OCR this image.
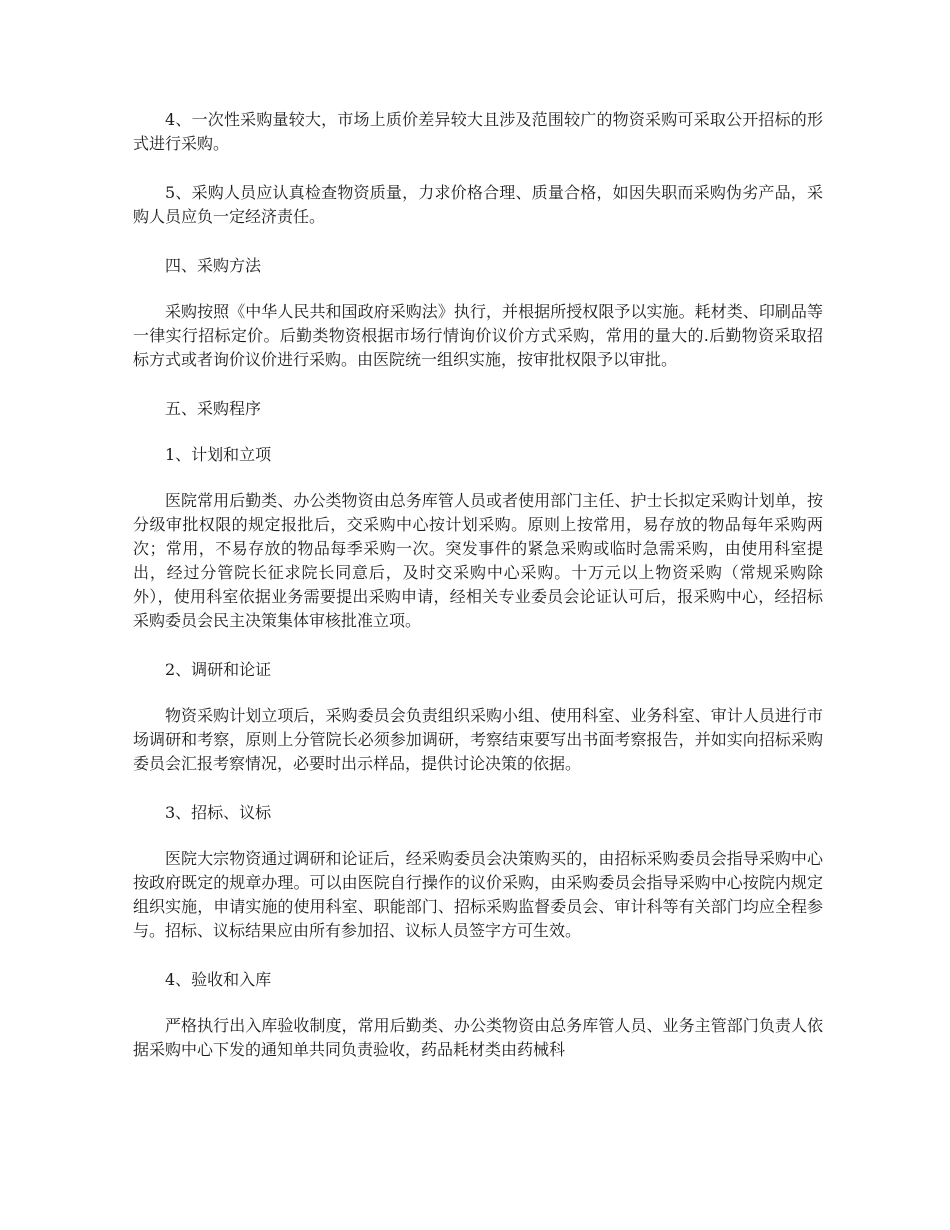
4、一次性采购量较大，市场上质价差异较大且涉及范围较广的物资采购可采取公开招标的形式进行采购。

5、采购人员应认真检查物资质量，力求价格合理、质量合格，如因失职而采购伪劣产品，采购人员应负一定经济责任。

四、采购方法

采购按照《中华人民共和国政府采购法》执行，并根据所授权限予以实施。耗材类、印刷品等一律实行招标定价。后勤类物资根据市场行情询价议价方式采购，常用的量大的.后勤物资采取招标方式或者询价议价进行采购。由医院统一组织实施，按审批权限予以审批。

五、采购程序

1、计划和立项

医院常用后勤类、办公类物资由总务库管人员或者使用部门主任、护士长拟定采购计划单，按分级审批权限的规定报批后，交采购中心按计划采购。原则上按常用，易存放的物品每年采购两次；常用，不易存放的物品每季采购一次。突发事件的紧急采购或临时急需采购，由使用科室提出，经过分管院长征求院长同意后，及时交采购中心采购。十万元以上物资采购（常规采购除外），使用科室依据业务需要提出采购申请，经相关专业委员会论证认可后，报采购中心，经招标采购委员会民主决策集体审核批准立项。

2、调研和论证

物资采购计划立项后，采购委员会负责组织采购小组、使用科室、业务科室、审计人员进行市场调研和考察，原则上分管院长必须参加调研，考察结束要写出书面考察报告，并如实向招标采购委员会汇报考察情况，必要时出示样品，提供讨论决策的依据。

3、招标、议标

医院大宗物资通过调研和论证后，经采购委员会决策购买的，由招标采购委员会指导采购中心按政府既定的规章办理。可以由医院自行操作的议价采购，由采购委员会指导采购中心按院内规定组织实施，申请实施的使用科室、职能部门、招标采购监督委员会、审计科等有关部门均应全程参与。招标、议标结果应由所有参加招、议标人员签字方可生效。

4、验收和入库

严格执行出入库验收制度，常用后勤类、办公类物资由总务库管人员、业务主管部门负责人依据采购中心下发的通知单共同负责验收，药品耗材类由药械科
